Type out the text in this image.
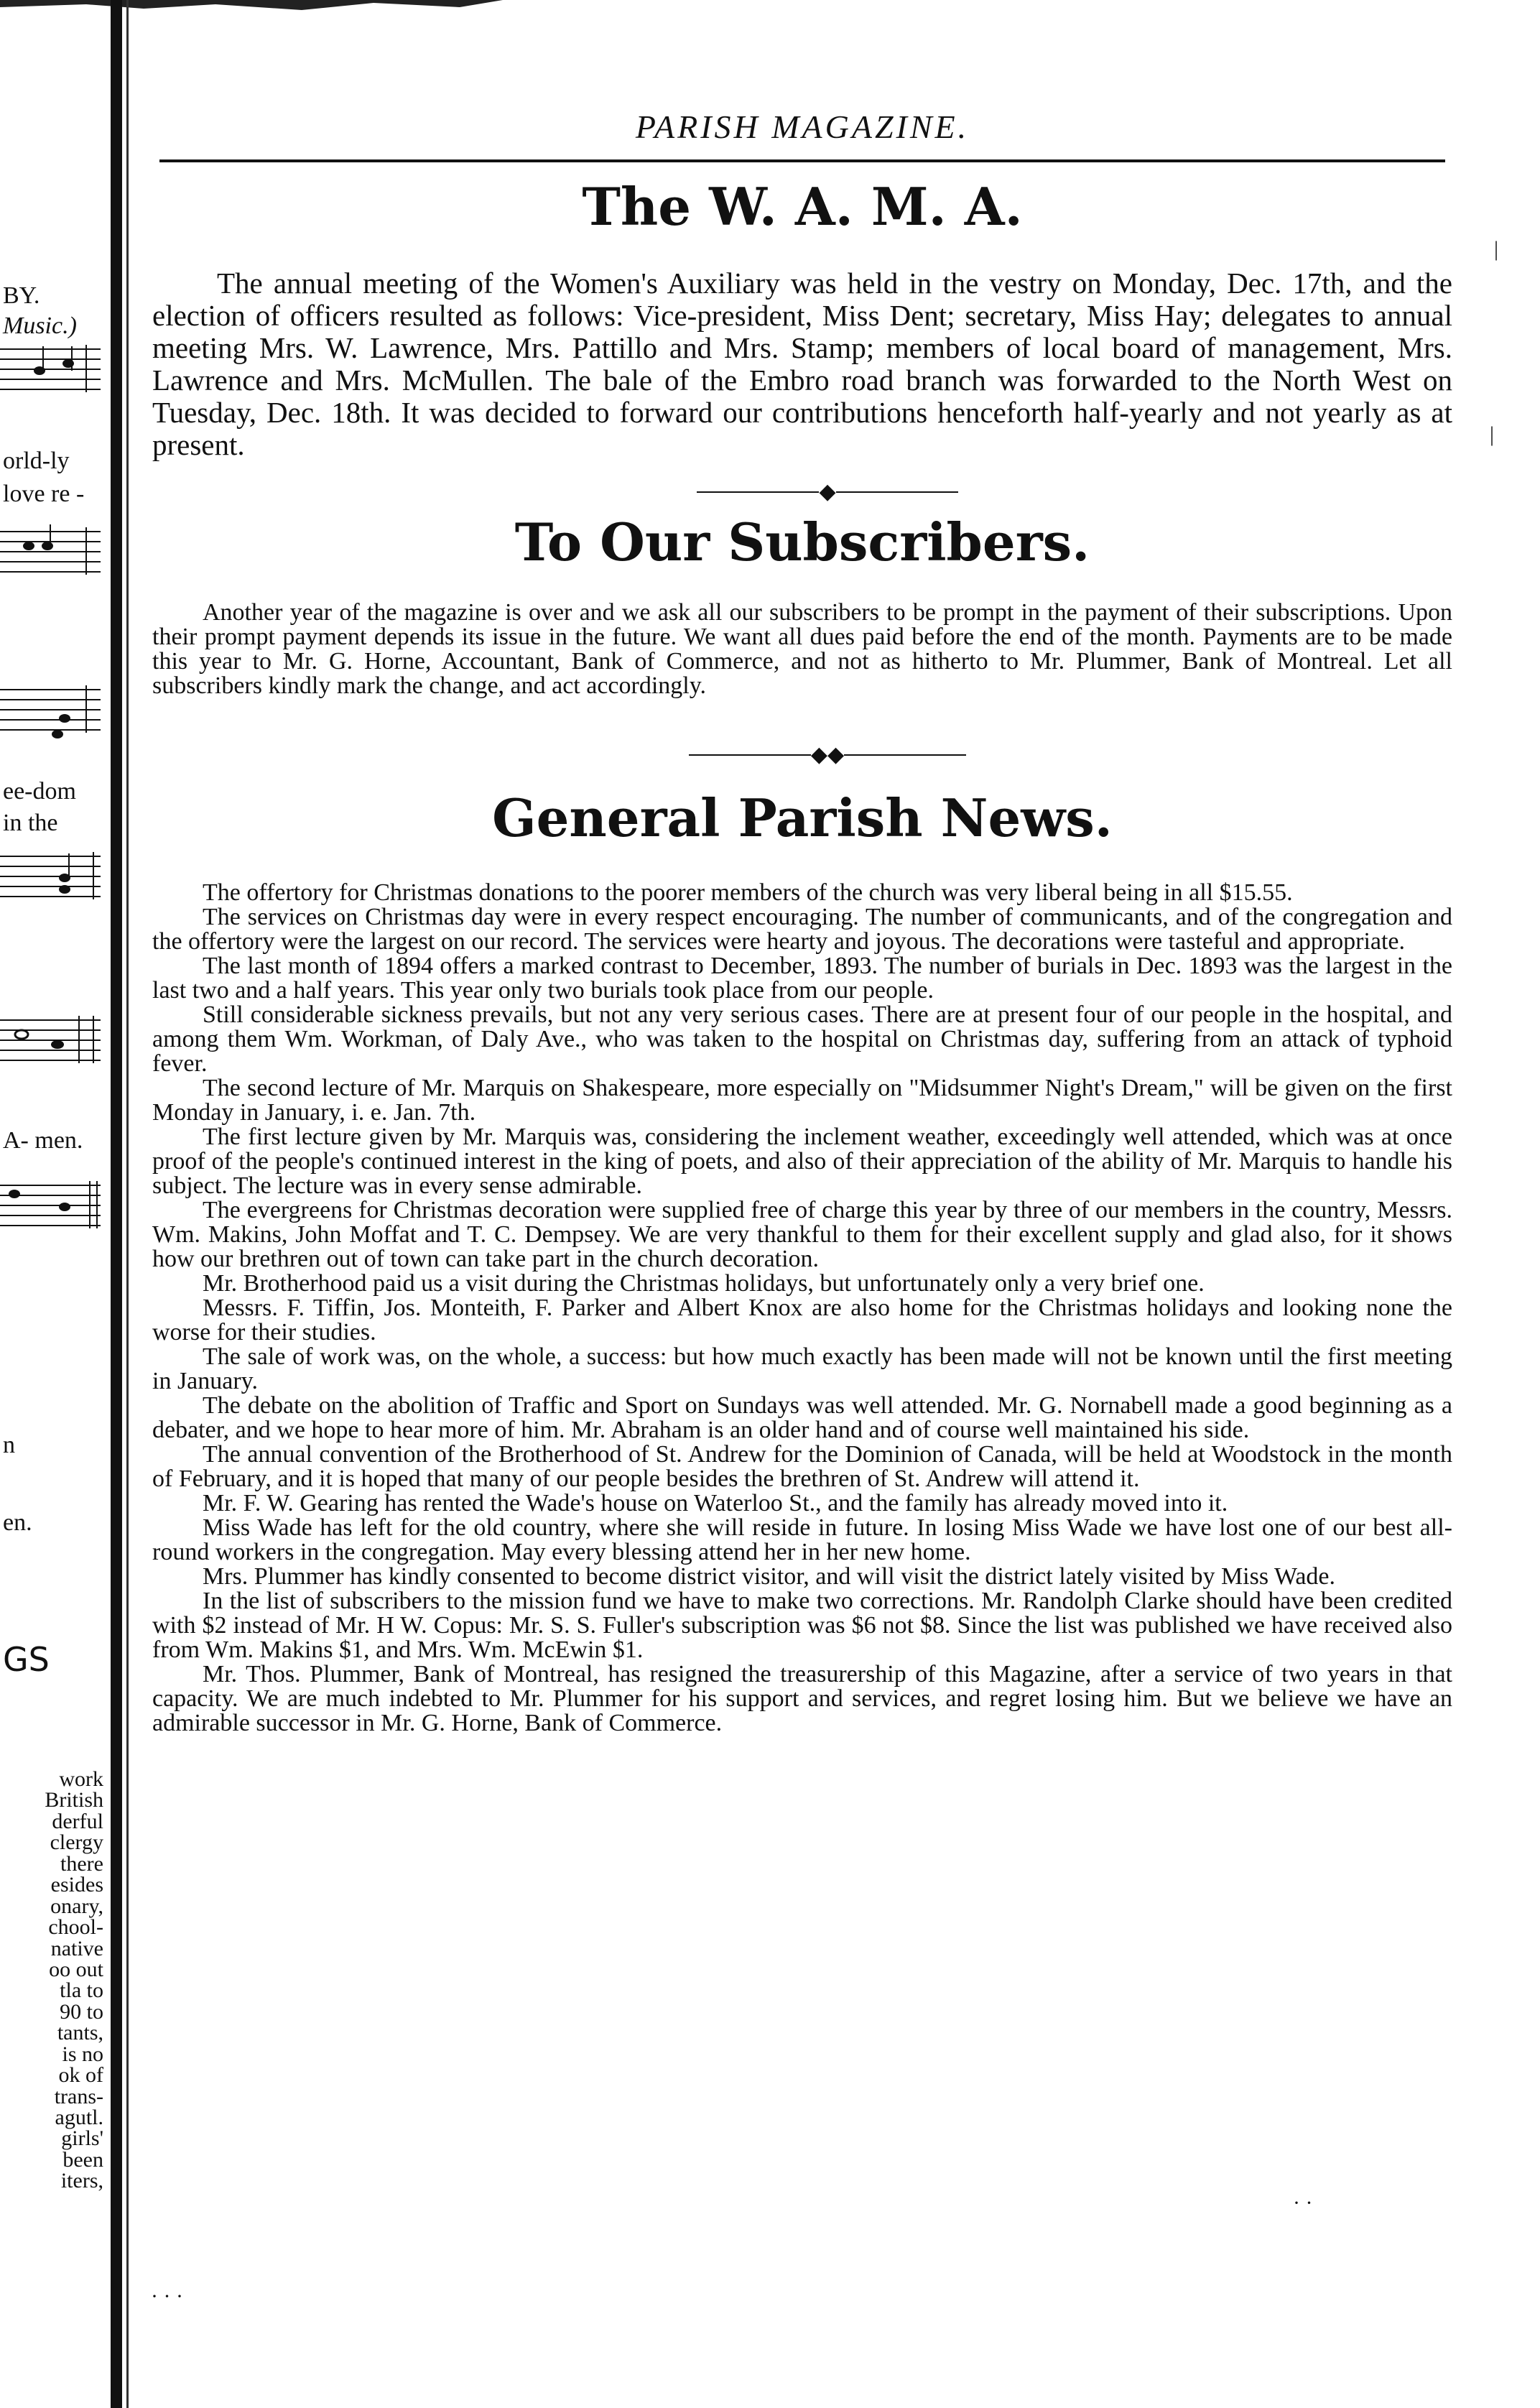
BY.
Music.)
orld-ly
love re -
ee-dom
in the
A- men.
n
en.
GS
work
British
derful
clergy
there
esides
onary,
chool-
native
oo out
tla to
90 to
tants,
is no
ok of
trans-
agutl.
girls'
been
iters,
PARISH MAGAZINE.
The W. A. M. A.
The annual meeting of the Women's Auxiliary was held in the vestry on Monday, Dec. 17th, and the election of officers resulted as follows: Vice-president, Miss Dent; secretary, Miss Hay; delegates to annual meeting Mrs. W. Lawrence, Mrs. Pattillo and Mrs. Stamp; members of local board of management, Mrs. Lawrence and Mrs. McMullen. The bale of the Embro road branch was forwarded to the North West on Tuesday, Dec. 18th. It was decided to forward our contributions henceforth half-yearly and not yearly as at present.
◆
To Our Subscribers.
Another year of the magazine is over and we ask all our subscribers to be prompt in the payment of their subscriptions. Upon their prompt payment depends its issue in the future. We want all dues paid before the end of the month. Payments are to be made this year to Mr. G. Horne, Accountant, Bank of Commerce, and not as hitherto to Mr. Plummer, Bank of Montreal. Let all subscribers kindly mark the change, and act accordingly.
◆◆
General Parish News.

The offertory for Christmas donations to the poorer members of the church was very liberal being in all $15.55.

The services on Christmas day were in every respect encouraging. The number of communicants, and of the congregation and the offertory were the largest on our record. The services were hearty and joyous. The decorations were tasteful and appropriate.

The last month of 1894 offers a marked contrast to December, 1893. The number of burials in Dec. 1893 was the largest in the last two and a half years. This year only two burials took place from our people.

Still considerable sickness prevails, but not any very serious cases. There are at present four of our people in the hospital, and among them Wm. Workman, of Daly Ave., who was taken to the hospital on Christmas day, suffering from an attack of typhoid fever.

The second lecture of Mr. Marquis on Shakespeare, more especially on "Midsummer Night's Dream," will be given on the first Monday in January, i. e. Jan. 7th.

The first lecture given by Mr. Marquis was, considering the inclement weather, exceedingly well attended, which was at once proof of the people's continued interest in the king of poets, and also of their appreciation of the ability of Mr. Marquis to handle his subject. The lecture was in every sense admirable.

The evergreens for Christmas decoration were supplied free of charge this year by three of our members in the country, Messrs. Wm. Makins, John Moffat and T. C. Dempsey. We are very thankful to them for their excellent supply and glad also, for it shows how our brethren out of town can take part in the church decoration.

Mr. Brotherhood paid us a visit during the Christmas holidays, but unfortunately only a very brief one.

Messrs. F. Tiffin, Jos. Monteith, F. Parker and Albert Knox are also home for the Christmas holidays and looking none the worse for their studies.

The sale of work was, on the whole, a success: but how much exactly has been made will not be known until the first meeting in January.

The debate on the abolition of Traffic and Sport on Sundays was well attended. Mr. G. Nornabell made a good beginning as a debater, and we hope to hear more of him. Mr. Abraham is an older hand and of course well maintained his side.

The annual convention of the Brotherhood of St. Andrew for the Dominion of Canada, will be held at Woodstock in the month of February, and it is hoped that many of our people besides the brethren of St. Andrew will attend it.

Mr. F. W. Gearing has rented the Wade's house on Waterloo St., and the family has already moved into it.

Miss Wade has left for the old country, where she will reside in future. In losing Miss Wade we have lost one of our best all-round workers in the congregation. May every blessing attend her in her new home.

Mrs. Plummer has kindly consented to become district visitor, and will visit the district lately visited by Miss Wade.

In the list of subscribers to the mission fund we have to make two corrections. Mr. Randolph Clarke should have been credited with $2 instead of Mr. H W. Copus: Mr. S. S. Fuller's subscription was $6 not $8. Since the list was published we have received also from Wm. Makins $1, and Mrs. Wm. McEwin $1.

Mr. Thos. Plummer, Bank of Montreal, has resigned the treasurership of this Magazine, after a service of two years in that capacity. We are much indebted to Mr. Plummer for his support and services, and regret losing him. But we believe we have an admirable successor in Mr. G. Horne, Bank of Commerce.

|
|
· ·
· · ·
